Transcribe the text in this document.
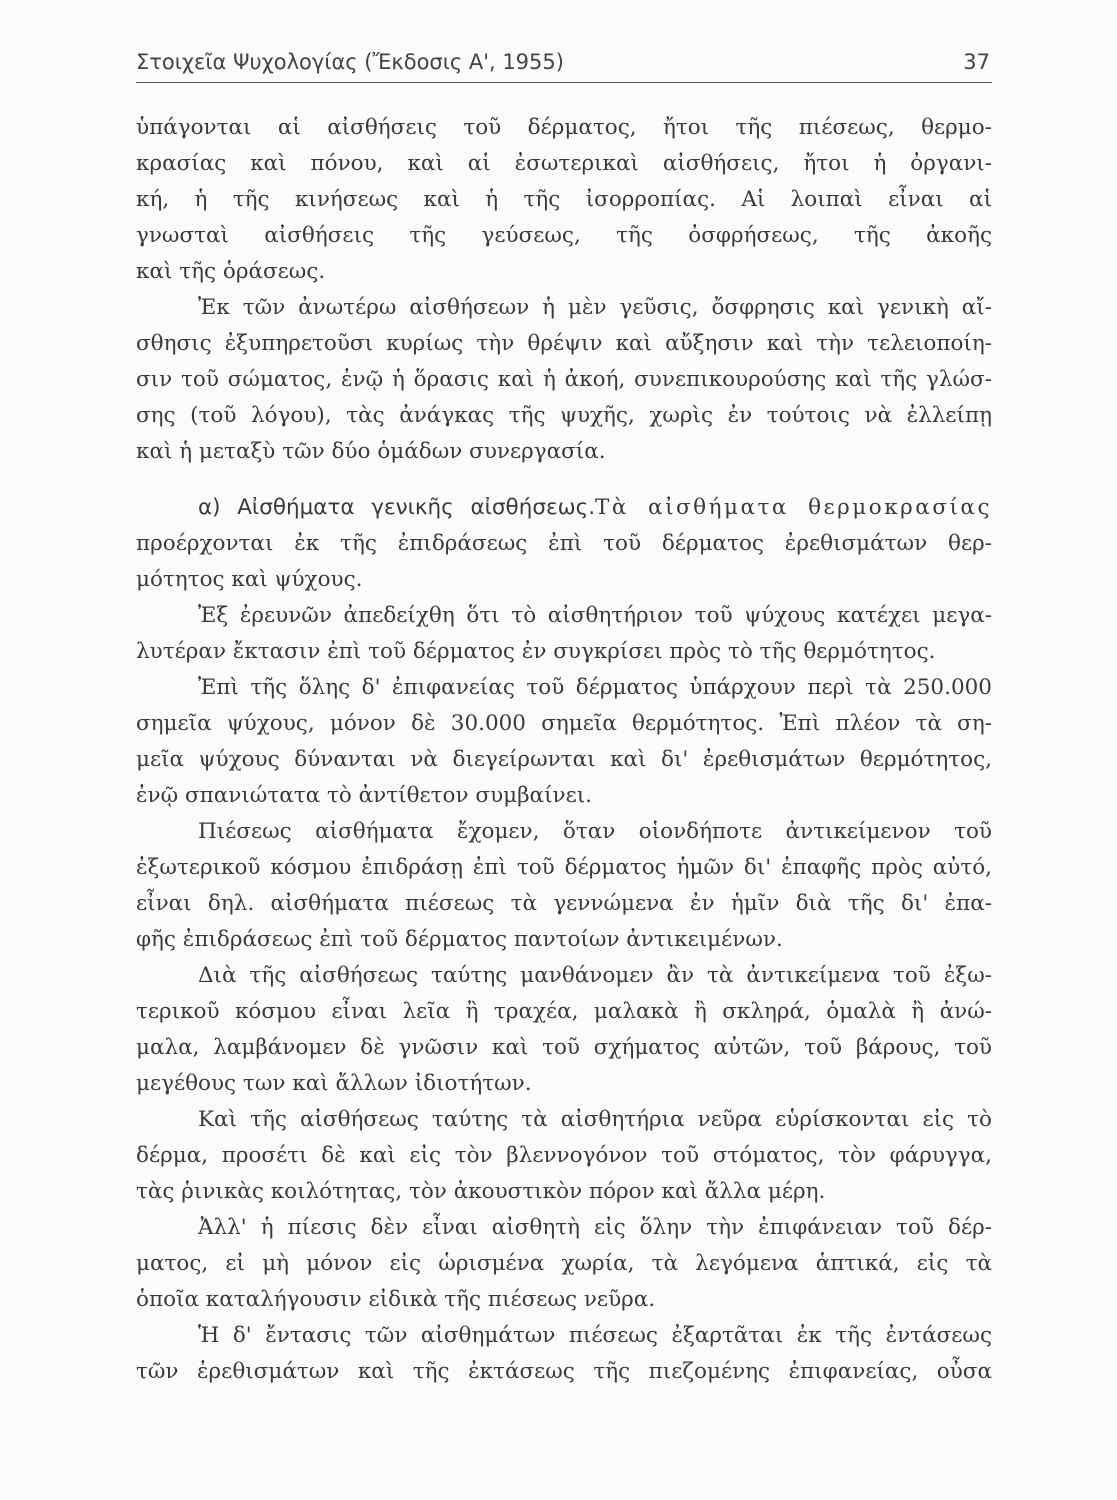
Στοιχεῖα Ψυχολογίας (Ἔκδοσις Α', 1955)	37
ὑπάγονται αἱ αἰσθήσεις τοῦ δέρματος, ἤτοι τῆς πιέσεως, θερμο-
κρασίας καὶ πόνου, καὶ αἱ ἐσωτερικαὶ αἰσθήσεις, ἤτοι ἡ ὀργανι-
κή, ἡ τῆς κινήσεως καὶ ἡ τῆς ἰσορροπίας. Αἱ λοιπαὶ εἶναι αἱ
γνωσταὶ αἰσθήσεις τῆς γεύσεως, τῆς ὀσφρήσεως, τῆς ἀκοῆς
καὶ τῆς ὁράσεως.
Ἐκ τῶν ἀνωτέρω αἰσθήσεων ἡ μὲν γεῦσις, ὄσφρησις καὶ γενικὴ αἴ-
σθησις ἐξυπηρετοῦσι κυρίως τὴν θρέψιν καὶ αὔξησιν καὶ τὴν τελειοποίη-
σιν τοῦ σώματος, ἐνῷ ἡ ὅρασις καὶ ἡ ἀκοή, συνεπικουρούσης καὶ τῆς γλώσ-
σης (τοῦ λόγου), τὰς ἀνάγκας τῆς ψυχῆς, χωρὶς ἐν τούτοις νὰ ἐλλείπῃ
καὶ ἡ μεταξὺ τῶν δύο ὁμάδων συνεργασία.
α) Αἰσθήματα γενικῆς αἰσθήσεως.Τὰ αἰσθήματα θερμοκρασίας
προέρχονται ἐκ τῆς ἐπιδράσεως ἐπὶ τοῦ δέρματος ἐρεθισμάτων θερ-
μότητος καὶ ψύχους.
Ἐξ ἐρευνῶν ἀπεδείχθη ὅτι τὸ αἰσθητήριον τοῦ ψύχους κατέχει μεγα-
λυτέραν ἔκτασιν ἐπὶ τοῦ δέρματος ἐν συγκρίσει πρὸς τὸ τῆς θερμότητος.
Ἐπὶ τῆς ὅλης δ' ἐπιφανείας τοῦ δέρματος ὑπάρχουν περὶ τὰ 250.000
σημεῖα ψύχους, μόνον δὲ 30.000 σημεῖα θερμότητος. Ἐπὶ πλέον τὰ ση-
μεῖα ψύχους δύνανται νὰ διεγείρωνται καὶ δι' ἐρεθισμάτων θερμότητος,
ἐνῷ σπανιώτατα τὸ ἀντίθετον συμβαίνει.
Πιέσεως αἰσθήματα ἔχομεν, ὅταν οἱονδήποτε ἀντικείμενον τοῦ
ἐξωτερικοῦ κόσμου ἐπιδράσῃ ἐπὶ τοῦ δέρματος ἡμῶν δι' ἐπαφῆς πρὸς αὐτό,
εἶναι δηλ. αἰσθήματα πιέσεως τὰ γεννώμενα ἐν ἡμῖν διὰ τῆς δι' ἐπα-
φῆς ἐπιδράσεως ἐπὶ τοῦ δέρματος παντοίων ἀντικειμένων.
Διὰ τῆς αἰσθήσεως ταύτης μανθάνομεν ἂν τὰ ἀντικείμενα τοῦ ἐξω-
τερικοῦ κόσμου εἶναι λεῖα ἢ τραχέα, μαλακὰ ἢ σκληρά, ὁμαλὰ ἢ ἀνώ-
μαλα, λαμβάνομεν δὲ γνῶσιν καὶ τοῦ σχήματος αὐτῶν, τοῦ βάρους, τοῦ
μεγέθους των καὶ ἄλλων ἰδιοτήτων.
Καὶ τῆς αἰσθήσεως ταύτης τὰ αἰσθητήρια νεῦρα εὑρίσκονται εἰς τὸ
δέρμα, προσέτι δὲ καὶ εἰς τὸν βλεννογόνον τοῦ στόματος, τὸν φάρυγγα,
τὰς ῥινικὰς κοιλότητας, τὸν ἀκουστικὸν πόρον καὶ ἄλλα μέρη.
Ἀλλ' ἡ πίεσις δὲν εἶναι αἰσθητὴ εἰς ὅλην τὴν ἐπιφάνειαν τοῦ δέρ-
ματος, εἰ μὴ μόνον εἰς ὡρισμένα χωρία, τὰ λεγόμενα ἁπτικά, εἰς τὰ
ὁποῖα καταλήγουσιν εἰδικὰ τῆς πιέσεως νεῦρα.
Ἡ δ' ἔντασις τῶν αἰσθημάτων πιέσεως ἐξαρτᾶται ἐκ τῆς ἐντάσεως
τῶν ἐρεθισμάτων καὶ τῆς ἐκτάσεως τῆς πιεζομένης ἐπιφανείας, οὖσα
